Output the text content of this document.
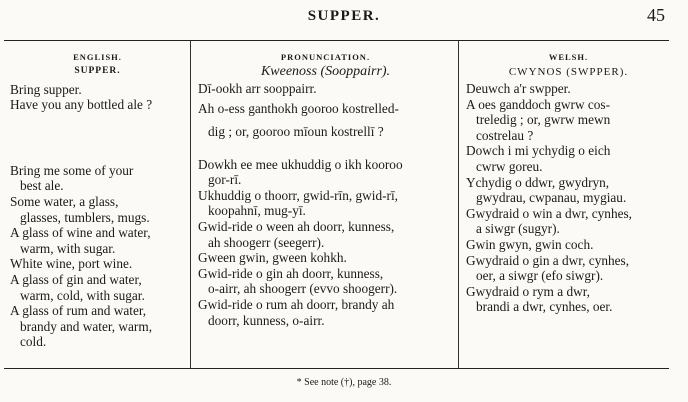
SUPPER.	45
ENGLISH.
SUPPER.
Bring supper.
Have you any bottled ale ?
Bring me some of your
best ale.
Some water, a glass,
glasses, tumblers, mugs.
A glass of wine and water,
warm, with sugar.
White wine, port wine.
A glass of gin and water,
warm, cold, with sugar.
A glass of rum and water,
brandy and water, warm,
cold.
PRONUNCIATION.
Kweenoss (Sooppairr).
Dī-ookh arr sooppairr.
Ah o-ess ganthokh gooroo kostrelled-
dig ; or, gooroo mīoun kostrellī ?
Dowkh ee mee ukhuddig o ikh kooroo
gor-rī.
Ukhuddig o thoorr, gwid-rīn, gwid-rī,
koopahnī, mug-yī.
Gwid-ride o ween ah doorr, kunness,
ah shoogerr (seegerr).
Gween gwin, gween kohkh.
Gwid-ride o gin ah doorr, kunness,
o-airr, ah shoogerr (evvo shoogerr).
Gwid-ride o rum ah doorr, brandy ah
doorr, kunness, o-airr.
WELSH.
CWYNOS (SWPPER).
Deuwch a'r swpper.
A oes ganddoch gwrw cos-
treledig ; or, gwrw mewn
costrelau ?
Dowch i mi ychydig o eich
cwrw goreu.
Ychydig o ddwr, gwydryn,
gwydrau, cwpanau, mygiau.
Gwydraid o win a dwr, cynhes,
a siwgr (sugyr).
Gwin gwyn, gwin coch.
Gwydraid o gin a dwr, cynhes,
oer, a siwgr (efo siwgr).
Gwydraid o rym a dwr,
brandi a dwr, cynhes, oer.
* See note (†), page 38.
